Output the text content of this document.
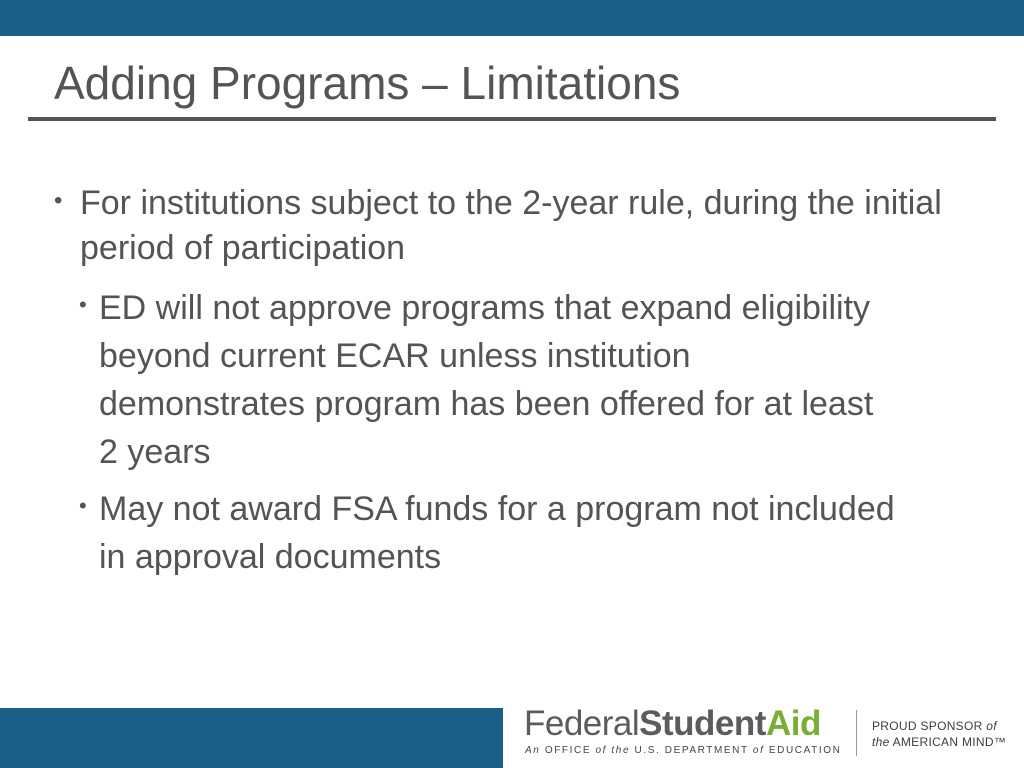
Adding Programs – Limitations
• For institutions subject to the 2-year rule, during the initial period of participation
• ED will not approve programs that expand eligibility beyond current ECAR unless institution demonstrates program has been offered for at least 2 years
• May not award FSA funds for a program not included in approval documents
FederalStudentAid
An OFFICE of the U.S. DEPARTMENT of EDUCATION
PROUD SPONSOR of
the AMERICAN MIND™
